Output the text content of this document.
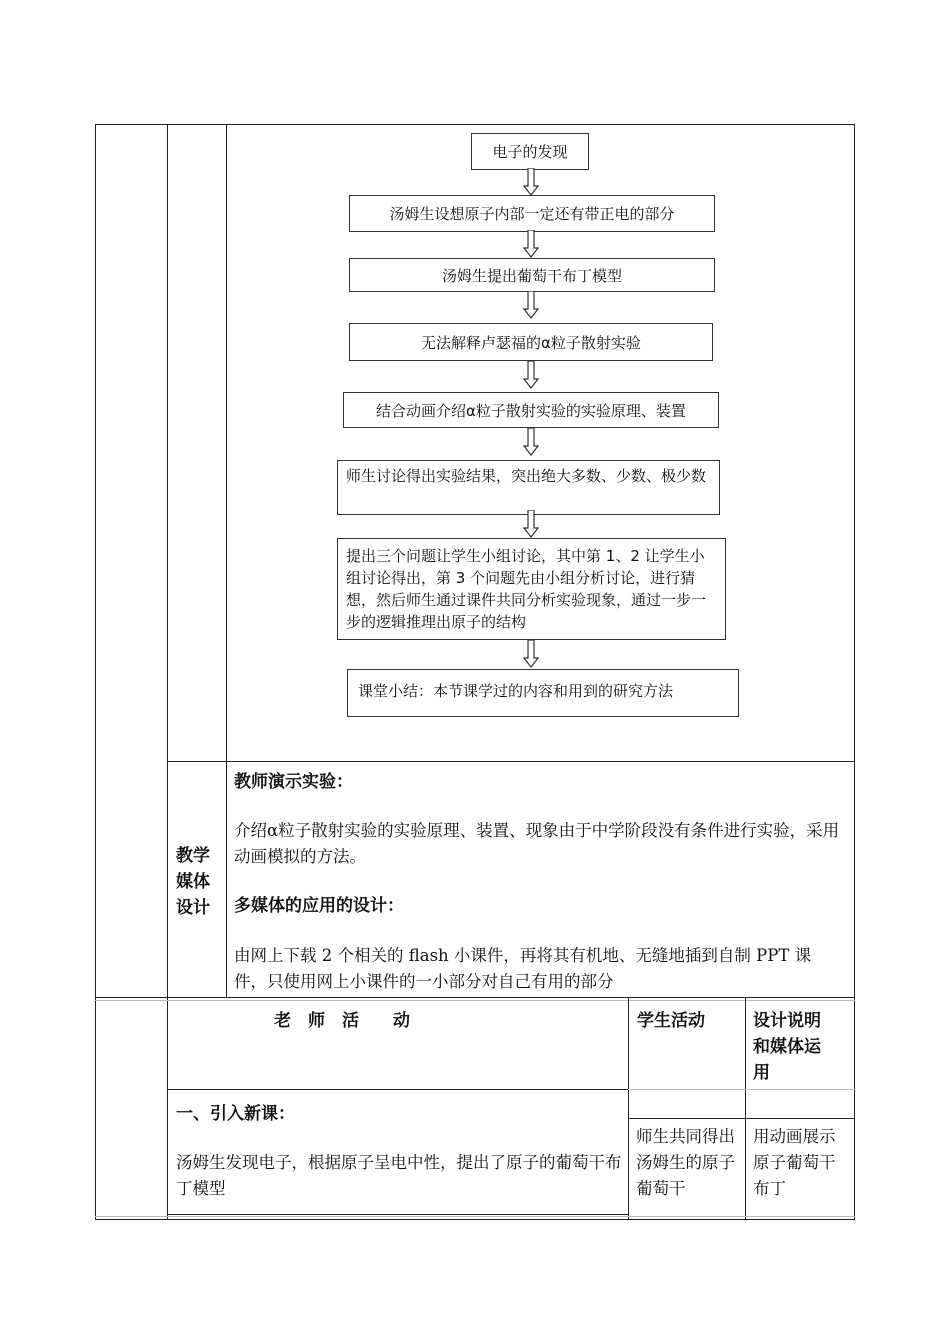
电子的发现
汤姆生设想原子内部一定还有带正电的部分
汤姆生提出葡萄干布丁模型
无法解释卢瑟福的α粒子散射实验
结合动画介绍α粒子散射实验的实验原理、装置
师生讨论得出实验结果，突出绝大多数、少数、极少数
提出三个问题让学生小组讨论，其中第 1、2 让学生小组讨论得出，第 3 个问题先由小组分析讨论，进行猜想，然后师生通过课件共同分析实验现象，通过一步一步的逻辑推理出原子的结构
课堂小结：本节课学过的内容和用到的研究方法
教学媒体设计
教师演示实验：
介绍α粒子散射实验的实验原理、装置、现象由于中学阶段没有条件进行实验，采用动画模拟的方法。
多媒体的应用的设计：
由网上下载 2 个相关的 flash 小课件，再将其有机地、无缝地插到自制 PPT 课件，只使用网上小课件的一小部分对自己有用的部分
老　师　活　　动	学生活动	设计说明和媒体运用
一、引入新课：
汤姆生发现电子，根据原子呈电中性，提出了原子的葡萄干布丁模型
师生共同得出汤姆生的原子葡萄干
用动画展示原子葡萄干布丁
